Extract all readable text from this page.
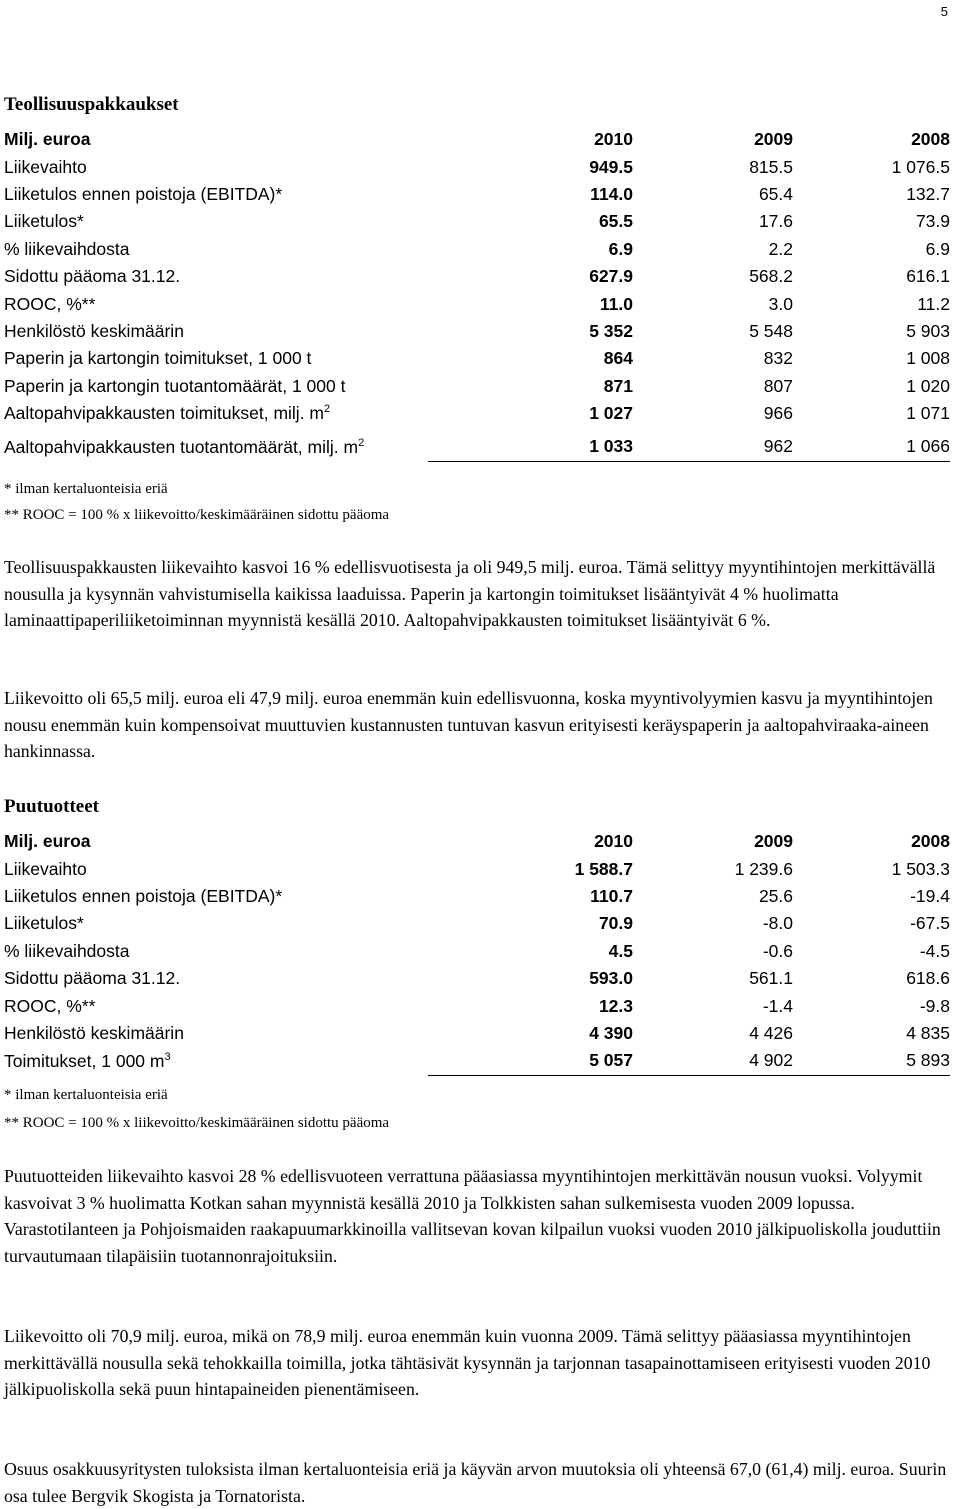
5
Teollisuuspakkaukset
Milj. euroa	2010	2009	2008
Liikevaihto	949.5	815.5	1 076.5
Liiketulos ennen poistoja (EBITDA)*	114.0	65.4	132.7
Liiketulos*	65.5	17.6	73.9
% liikevaihdosta	6.9	2.2	6.9
Sidottu pääoma 31.12.	627.9	568.2	616.1
ROOC, %**	11.0	3.0	11.2
Henkilöstö keskimäärin	5 352	5 548	5 903
Paperin ja kartongin toimitukset, 1 000 t	864	832	1 008
Paperin ja kartongin tuotantomäärät, 1 000 t	871	807	1 020
Aaltopahvipakkausten toimitukset, milj. $m^2$	1 027	966	1 071
Aaltopahvipakkausten tuotantomäärät, milj. $m^2$	1 033	962	1 066
* ilman kertaluonteisia eriä
** ROOC = 100 % x liikevoitto/keskimääräinen sidottu pääoma

Teollisuuspakkausten liikevaihto kasvoi 16 % edellisvuotisesta ja oli 949,5 milj. euroa. Tämä selittyy myyntihintojen merkittävällä nousulla ja kysynnän vahvistumisella kaikissa laaduissa. Paperin ja kartongin toimitukset lisääntyivät 4 % huolimatta laminaattipaperiliiketoiminnan myynnistä kesällä 2010. Aaltopahvipakkausten toimitukset lisääntyivät 6 %.

Liikevoitto oli 65,5 milj. euroa eli 47,9 milj. euroa enemmän kuin edellisvuonna, koska myyntivolyymien kasvu ja myyntihintojen nousu enemmän kuin kompensoivat muuttuvien kustannusten tuntuvan kasvun erityisesti keräyspaperin ja aaltopahviraaka-aineen hankinnassa.

Puutuotteet
Milj. euroa	2010	2009	2008
Liikevaihto	1 588.7	1 239.6	1 503.3
Liiketulos ennen poistoja (EBITDA)*	110.7	25.6	-19.4
Liiketulos*	70.9	-8.0	-67.5
% liikevaihdosta	4.5	-0.6	-4.5
Sidottu pääoma 31.12.	593.0	561.1	618.6
ROOC, %**	12.3	-1.4	-9.8
Henkilöstö keskimäärin	4 390	4 426	4 835
Toimitukset, 1 000 $m^3$	5 057	4 902	5 893
* ilman kertaluonteisia eriä
** ROOC = 100 % x liikevoitto/keskimääräinen sidottu pääoma

Puutuotteiden liikevaihto kasvoi 28 % edellisvuoteen verrattuna pääasiassa myyntihintojen merkittävän nousun vuoksi. Volyymit kasvoivat 3 % huolimatta Kotkan sahan myynnistä kesällä 2010 ja Tolkkisten sahan sulkemisesta vuoden 2009 lopussa. Varastotilanteen ja Pohjoismaiden raakapuumarkkinoilla vallitsevan kovan kilpailun vuoksi vuoden 2010 jälkipuoliskolla jouduttiin turvautumaan tilapäisiin tuotannonrajoituksiin.

Liikevoitto oli 70,9 milj. euroa, mikä on 78,9 milj. euroa enemmän kuin vuonna 2009. Tämä selittyy pääasiassa myyntihintojen merkittävällä nousulla sekä tehokkailla toimilla, jotka tähtäsivät kysynnän ja tarjonnan tasapainottamiseen erityisesti vuoden 2010 jälkipuoliskolla sekä puun hintapaineiden pienentämiseen.

Osuus osakkuusyritysten tuloksista ilman kertaluonteisia eriä ja käyvän arvon muutoksia oli yhteensä 67,0 (61,4) milj. euroa. Suurin osa tulee Bergvik Skogista ja Tornatorista.
